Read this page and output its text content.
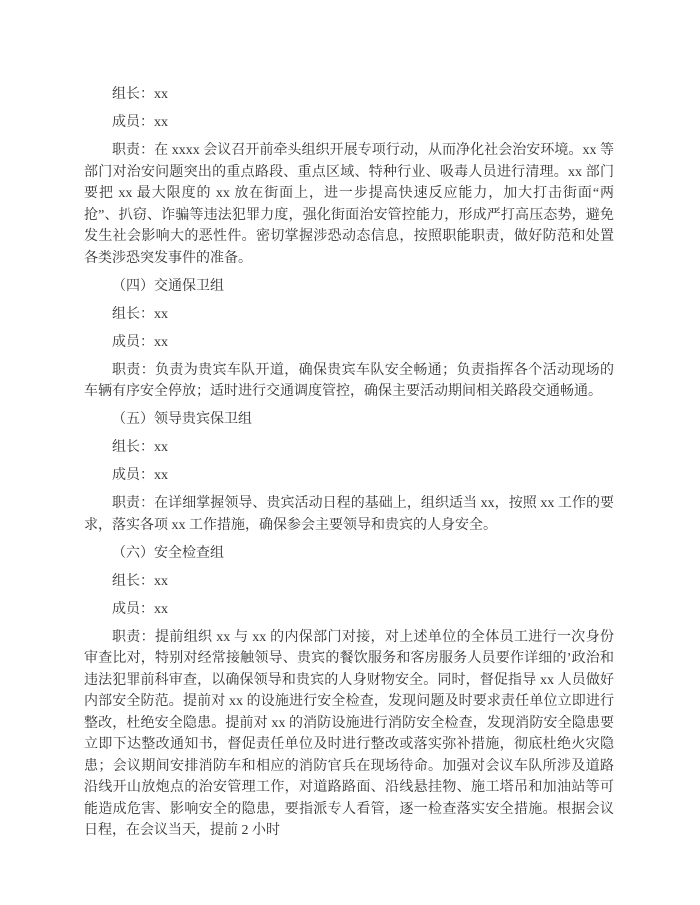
组长：xx

成员：xx

职责：在 xxxx 会议召开前牵头组织开展专项行动，从而净化社会治安环境。xx 等部门对治安问题突出的重点路段、重点区域、特种行业、吸毒人员进行清理。xx 部门要把 xx 最大限度的 xx 放在街面上，进一步提高快速反应能力，加大打击街面“两抢”、扒窃、诈骗等违法犯罪力度，强化街面治安管控能力，形成严打高压态势，避免发生社会影响大的恶性件。密切掌握涉恐动态信息，按照职能职责，做好防范和处置各类涉恐突发事件的准备。

（四）交通保卫组

组长：xx

成员：xx

职责：负责为贵宾车队开道，确保贵宾车队安全畅通；负责指挥各个活动现场的车辆有序安全停放；适时进行交通调度管控，确保主要活动期间相关路段交通畅通。

（五）领导贵宾保卫组

组长：xx

成员：xx

职责：在详细掌握领导、贵宾活动日程的基础上，组织适当 xx，按照 xx 工作的要求，落实各项 xx 工作措施，确保参会主要领导和贵宾的人身安全。

（六）安全检查组

组长：xx

成员：xx

职责：提前组织 xx 与 xx 的内保部门对接，对上述单位的全体员工进行一次身份审查比对，特别对经常接触领导、贵宾的餐饮服务和客房服务人员要作详细的’政治和违法犯罪前科审查，以确保领导和贵宾的人身财物安全。同时，督促指导 xx 人员做好内部安全防范。提前对 xx 的设施进行安全检查，发现问题及时要求责任单位立即进行整改，杜绝安全隐患。提前对 xx 的消防设施进行消防安全检查，发现消防安全隐患要立即下达整改通知书，督促责任单位及时进行整改或落实弥补措施，彻底杜绝火灾隐患；会议期间安排消防车和相应的消防官兵在现场待命。加强对会议车队所涉及道路沿线开山放炮点的治安管理工作，对道路路面、沿线悬挂物、施工塔吊和加油站等可能造成危害、影响安全的隐患，要指派专人看管，逐一检查落实安全措施。根据会议日程，在会议当天，提前 2 小时
